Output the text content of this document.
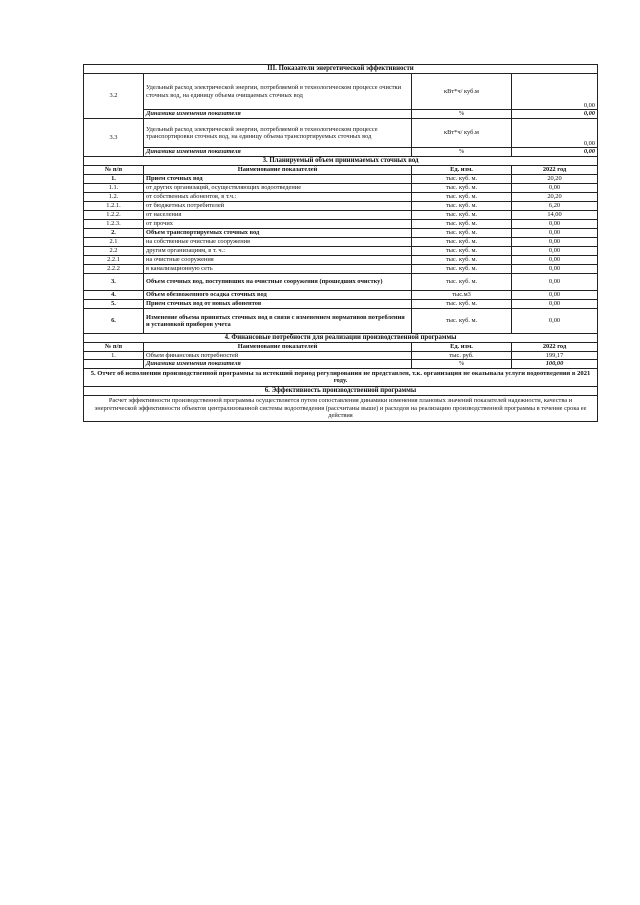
III. Показатели энергетической эффективности			
3.2	Удельный расход электрической энергии, потребляемой в технологическом процессе очистки сточных вод, на единицу объема очищаемых сточных вод	кВт*ч/ куб.м	0,00
	Динамика изменения показателя	%	0,00
3.3	Удельный расход электрической энергии, потребляемой в технологическом процессе транспортировки сточных вод, на единицу объема транспортируемых сточных вод	кВт*ч/ куб.м	0,00
	Динамика изменения показателя	%	0,00
3. Планируемый объем принимаемых сточных вод			
№ п/п	Наименование показателей	Ед. изм.	2022 год
1.	Прием сточных вод	тыс. куб. м.	20,20
1.1.	от других организаций, осуществляющих водоотведение	тыс. куб. м.	0,00
1.2.	от собственных абонентов, в т.ч.:	тыс. куб. м.	20,20
1.2.1.	от бюджетных потребителей	тыс. куб. м.	6,20
1.2.2.	от населения	тыс. куб. м.	14,00
1.2.3.	от прочих	тыс. куб. м.	0,00
2.	Объем транспортируемых сточных вод	тыс. куб. м.	0,00
2.1	на собственные очистные сооружения	тыс. куб. м.	0,00
2.2	другим организациям, в т. ч.:	тыс. куб. м.	0,00
2.2.1	на очистные сооружения	тыс. куб. м.	0,00
2.2.2	в канализационную сеть	тыс. куб. м.	0,00
3.	Объем сточных вод, поступивших на очистные сооружения (прошедших очистку)	тыс. куб. м.	0,00
4.	Объем обезвоженного осадка сточных вод	тыс.м3	0,00
5.	Прием сточных вод от новых абонентов	тыс. куб. м.	0,00
6.	Изменение объема принятых сточных вод в связи с изменением нормативов потребления и установкой приборов учета	тыс. куб. м.	0,00
4. Финансовые потребности для реализации производственной программы			
№ п/п	Наименование показателей	Ед. изм.	2022 год
1.	Объем финансовых потребностей	тыс. руб.	199,17
	Динамика изменения показателя	%	100,00
5. Отчет об исполнении производственной программы за истекший период регулирования не представлен, т.к. организация не оказывала услуги водоотведения в 2021 году.			
6. Эффективность производственной программы			
Расчет эффективности производственной программы осуществляется путем сопоставления динамики изменения плановых значений показателей надежности, качества и энергетической эффективности объектов централизованной системы водоотведения (рассчитаны выше) и расходов на реализацию производственной программы в течение срока ее действия			
